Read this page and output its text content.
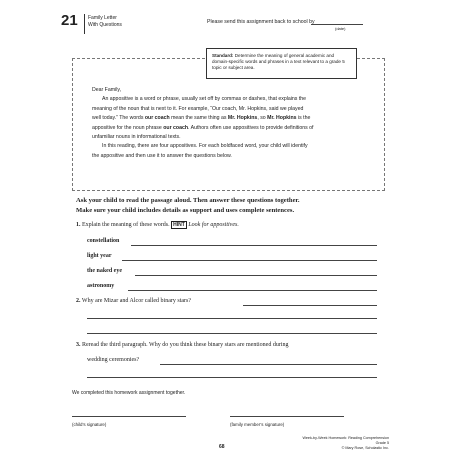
21 Family Letter
With Questions	Please send this assignment back to school by
(date)
Standard: Determine the meaning of general academic and domain-specific words and phrases in a text relevant to a grade 5 topic or subject area.

Dear Family,

An appositive is a word or phrase, usually set off by commas or dashes, that explains the

meaning of the noun that is next to it. For example, “Our coach, Mr. Hopkins, said we played

well today.” The words our coach mean the same thing as Mr. Hopkins, so Mr. Hopkins is the

appositive for the noun phrase our coach. Authors often use appositives to provide definitions of

unfamiliar nouns in informational texts.

In this reading, there are four appositives. For each boldfaced word, your child will identify

the appositive and then use it to answer the questions below.

Ask your child to read the passage aloud. Then answer these questions together.
Make sure your child includes details as support and uses complete sentences.
1. Explain the meaning of these words. HINT Look for appositives.
constellation
light year
the naked eye
astronomy
2. Why are Mizar and Alcor called binary stars?
3. Reread the third paragraph. Why do you think these binary stars are mentioned during
wedding ceremonies?
We completed this homework assignment together.
(child’s signature)	(family member’s signature)
68
Week-by-Week Homework: Reading Comprehension Grade 5
© Mary Rose, Scholastic Inc.
